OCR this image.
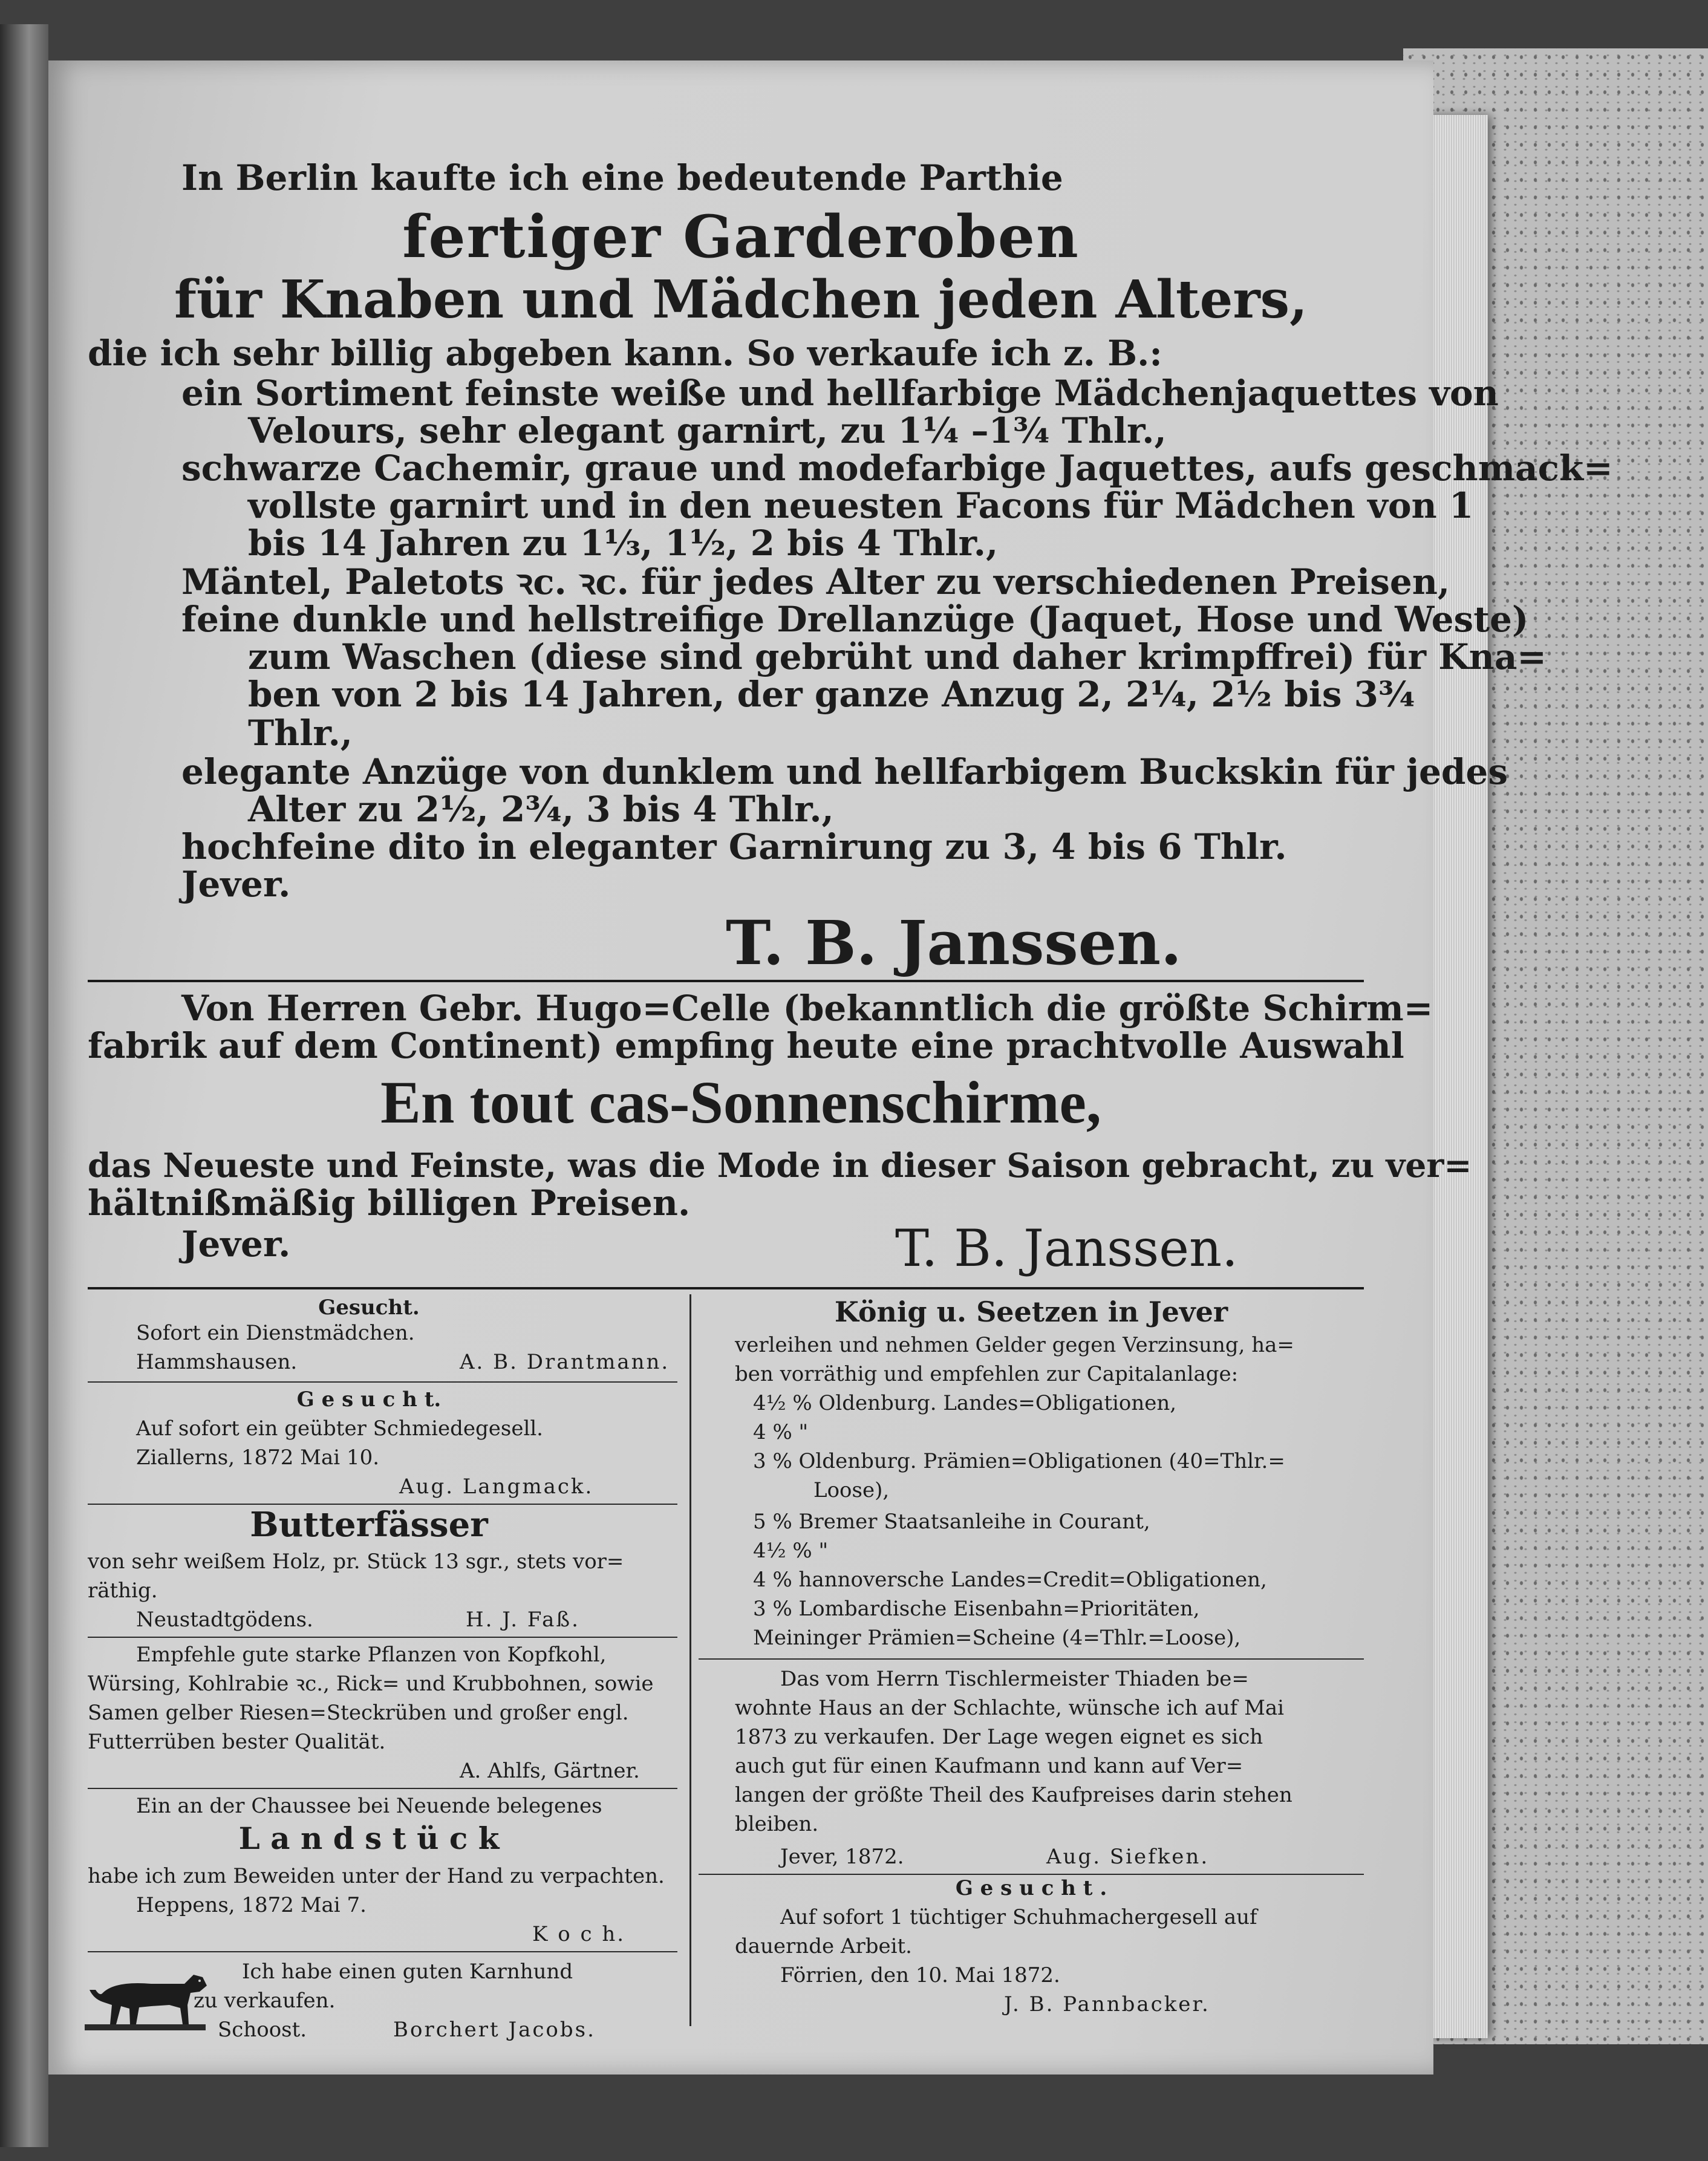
In Berlin kaufte ich eine bedeutende Parthie
fertiger Garderoben
für Knaben und Mädchen jeden Alters,
die ich sehr billig abgeben kann. So verkaufe ich z. B.:
ein Sortiment feinste weiße und hellfarbige Mädchenjaquettes von
Velours, sehr elegant garnirt, zu 1¼ –1¾ Thlr.,
schwarze Cachemir, graue und modefarbige Jaquettes, aufs geschmack=
vollste garnirt und in den neuesten Facons für Mädchen von 1
bis 14 Jahren zu 1⅓, 1½, 2 bis 4 Thlr.,
Mäntel, Paletots ꝛc. ꝛc. für jedes Alter zu verschiedenen Preisen,
feine dunkle und hellstreifige Drellanzüge (Jaquet, Hose und Weste)
zum Waschen (diese sind gebrüht und daher krimpffrei) für Kna=
ben von 2 bis 14 Jahren, der ganze Anzug 2, 2¼, 2½ bis 3¾
Thlr.,
elegante Anzüge von dunklem und hellfarbigem Buckskin für jedes
Alter zu 2½, 2¾, 3 bis 4 Thlr.,
hochfeine dito in eleganter Garnirung zu 3, 4 bis 6 Thlr.
Jever.
T. B. Janssen.
Von Herren Gebr. Hugo=Celle (bekanntlich die größte Schirm=
fabrik auf dem Continent) empfing heute eine prachtvolle Auswahl
En tout cas-Sonnenschirme,
das Neueste und Feinste, was die Mode in dieser Saison gebracht, zu ver=
hältnißmäßig billigen Preisen.
Jever.	T. B. Janssen.
Gesucht.
Sofort ein Dienstmädchen.
Hammshausen.	A. B. Drantmann.
G e s u c h t.
Auf sofort ein geübter Schmiedegesell.
Ziallerns, 1872 Mai 10.
Aug. Langmack.
Butterfässer
von sehr weißem Holz, pr. Stück 13 sgr., stets vor=
räthig.
Neustadtgödens.	H. J. Faß.
Empfehle gute starke Pflanzen von Kopfkohl,
Würsing, Kohlrabie ꝛc., Rick= und Krubbohnen, sowie
Samen gelber Riesen=Steckrüben und großer engl.
Futterrüben bester Qualität.
A. Ahlfs, Gärtner.
Ein an der Chaussee bei Neuende belegenes
L a n d s t ü c k
habe ich zum Beweiden unter der Hand zu verpachten.
Heppens, 1872 Mai 7.
K o c h.
Ich habe einen guten Karnhund
zu verkaufen.
Schoost.	Borchert Jacobs.
König u. Seetzen in Jever
verleihen und nehmen Gelder gegen Verzinsung, ha=
ben vorräthig und empfehlen zur Capitalanlage:
4½ % Oldenburg. Landes=Obligationen,
4 % "
3 % Oldenburg. Prämien=Obligationen (40=Thlr.=
Loose),
5 % Bremer Staatsanleihe in Courant,
4½ % "
4 % hannoversche Landes=Credit=Obligationen,
3 % Lombardische Eisenbahn=Prioritäten,
Meininger Prämien=Scheine (4=Thlr.=Loose),
Das vom Herrn Tischlermeister Thiaden be=
wohnte Haus an der Schlachte, wünsche ich auf Mai
1873 zu verkaufen. Der Lage wegen eignet es sich
auch gut für einen Kaufmann und kann auf Ver=
langen der größte Theil des Kaufpreises darin stehen
bleiben.
Jever, 1872.	Aug. Siefken.
G e s u c h t .
Auf sofort 1 tüchtiger Schuhmachergesell auf
dauernde Arbeit.
Förrien, den 10. Mai 1872.
J. B. Pannbacker.
